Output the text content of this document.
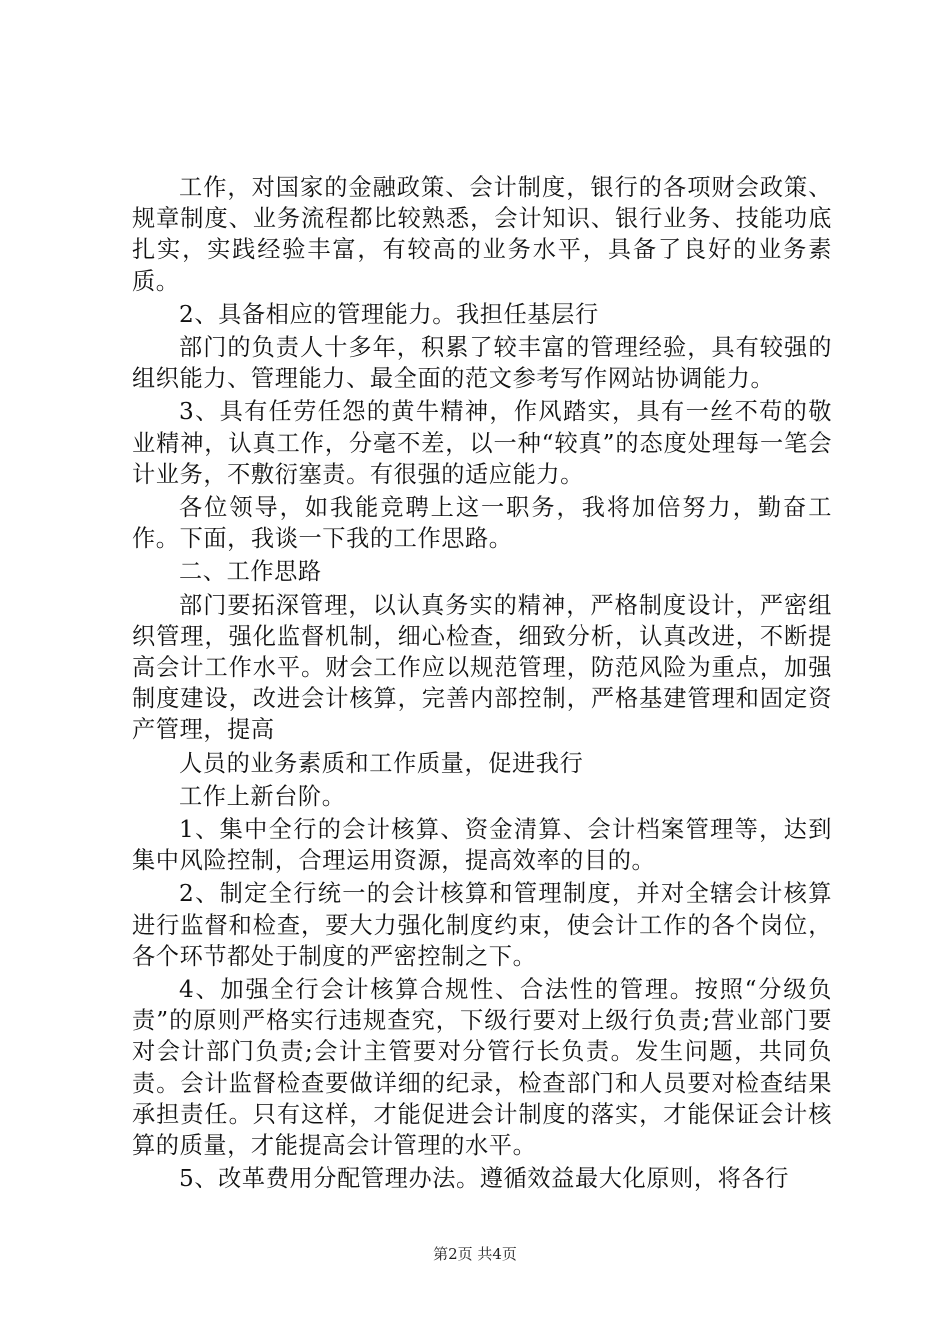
工作，对国家的金融政策、会计制度，银行的各项财会政策、规章制度、业务流程都比较熟悉，会计知识、银行业务、技能功底扎实，实践经验丰富，有较高的业务水平，具备了良好的业务素质。

2、具备相应的管理能力。我担任基层行

部门的负责人十多年，积累了较丰富的管理经验，具有较强的组织能力、管理能力、最全面的范文参考写作网站协调能力。

3、具有任劳任怨的黄牛精神，作风踏实，具有一丝不苟的敬业精神，认真工作，分毫不差，以一种“较真”的态度处理每一笔会计业务，不敷衍塞责。有很强的适应能力。

各位领导，如我能竞聘上这一职务，我将加倍努力，勤奋工作。下面，我谈一下我的工作思路。

二、工作思路

部门要拓深管理，以认真务实的精神，严格制度设计，严密组织管理，强化监督机制，细心检查，细致分析，认真改进，不断提高会计工作水平。财会工作应以规范管理，防范风险为重点，加强制度建设，改进会计核算，完善内部控制，严格基建管理和固定资产管理，提高

人员的业务素质和工作质量，促进我行

工作上新台阶。

1、集中全行的会计核算、资金清算、会计档案管理等，达到集中风险控制，合理运用资源，提高效率的目的。

2、制定全行统一的会计核算和管理制度，并对全辖会计核算进行监督和检查，要大力强化制度约束，使会计工作的各个岗位，各个环节都处于制度的严密控制之下。

4、加强全行会计核算合规性、合法性的管理。按照“分级负责”的原则严格实行违规查究，下级行要对上级行负责;营业部门要对会计部门负责;会计主管要对分管行长负责。发生问题，共同负责。会计监督检查要做详细的纪录，检查部门和人员要对检查结果承担责任。只有这样，才能促进会计制度的落实，才能保证会计核算的质量，才能提高会计管理的水平。

5、改革费用分配管理办法。遵循效益最大化原则，将各行

第2页 共4页
